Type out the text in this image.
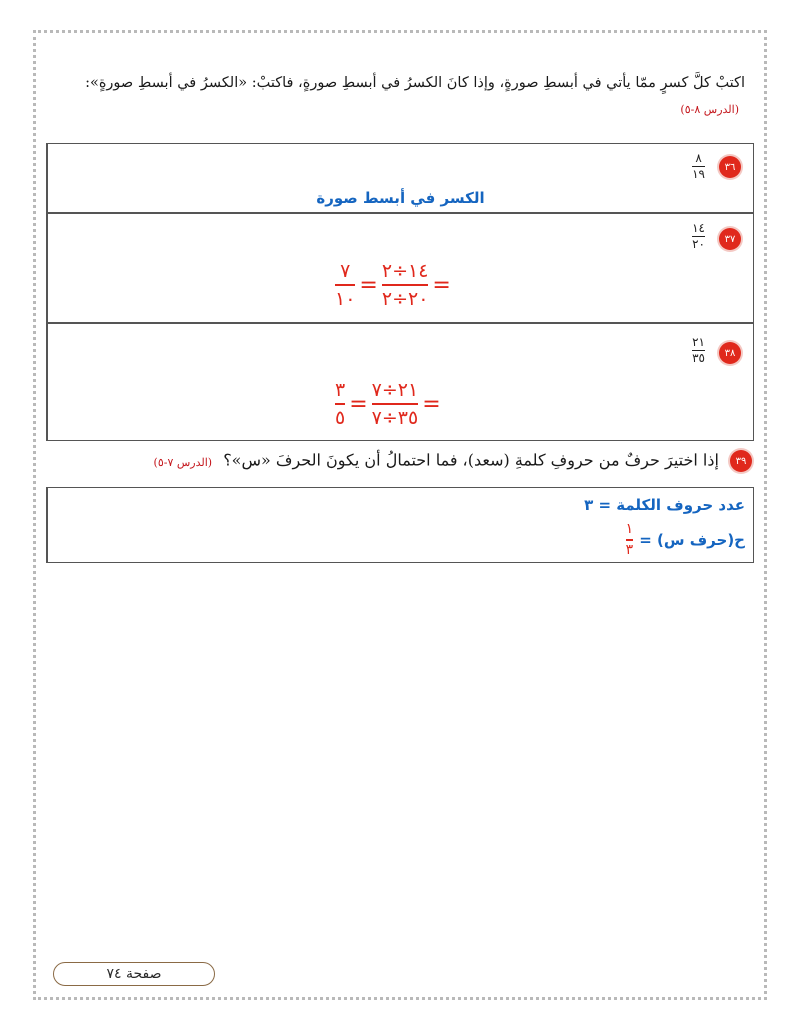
اكتبْ كلَّ كسرٍ ممّا يأتي في أبسطِ صورةٍ، وإذا كانَ الكسرُ في أبسطِ صورةٍ، فاكتبْ: «الكسرُ في أبسطِ صورةٍ»: (الدرس ٨-٥)
٣٦
٨
١٩
الكسر في أبسط صورة
٣٧
١٤
٢٠
٧
١٠
=
١٤÷٢
٢٠÷٢
=
٣٨
٢١
٣٥
٣
٥
=
٢١÷٧
٣٥÷٧
=
٣٩ إذا اختيرَ حرفٌ من حروفِ كلمةِ (سعد)، فما احتمالُ أن يكونَ الحرفَ «س»؟ (الدرس ٧-٥)
عدد حروف الكلمة = ٣
ح(حرف س) =
١
٣
صفحة ٧٤
